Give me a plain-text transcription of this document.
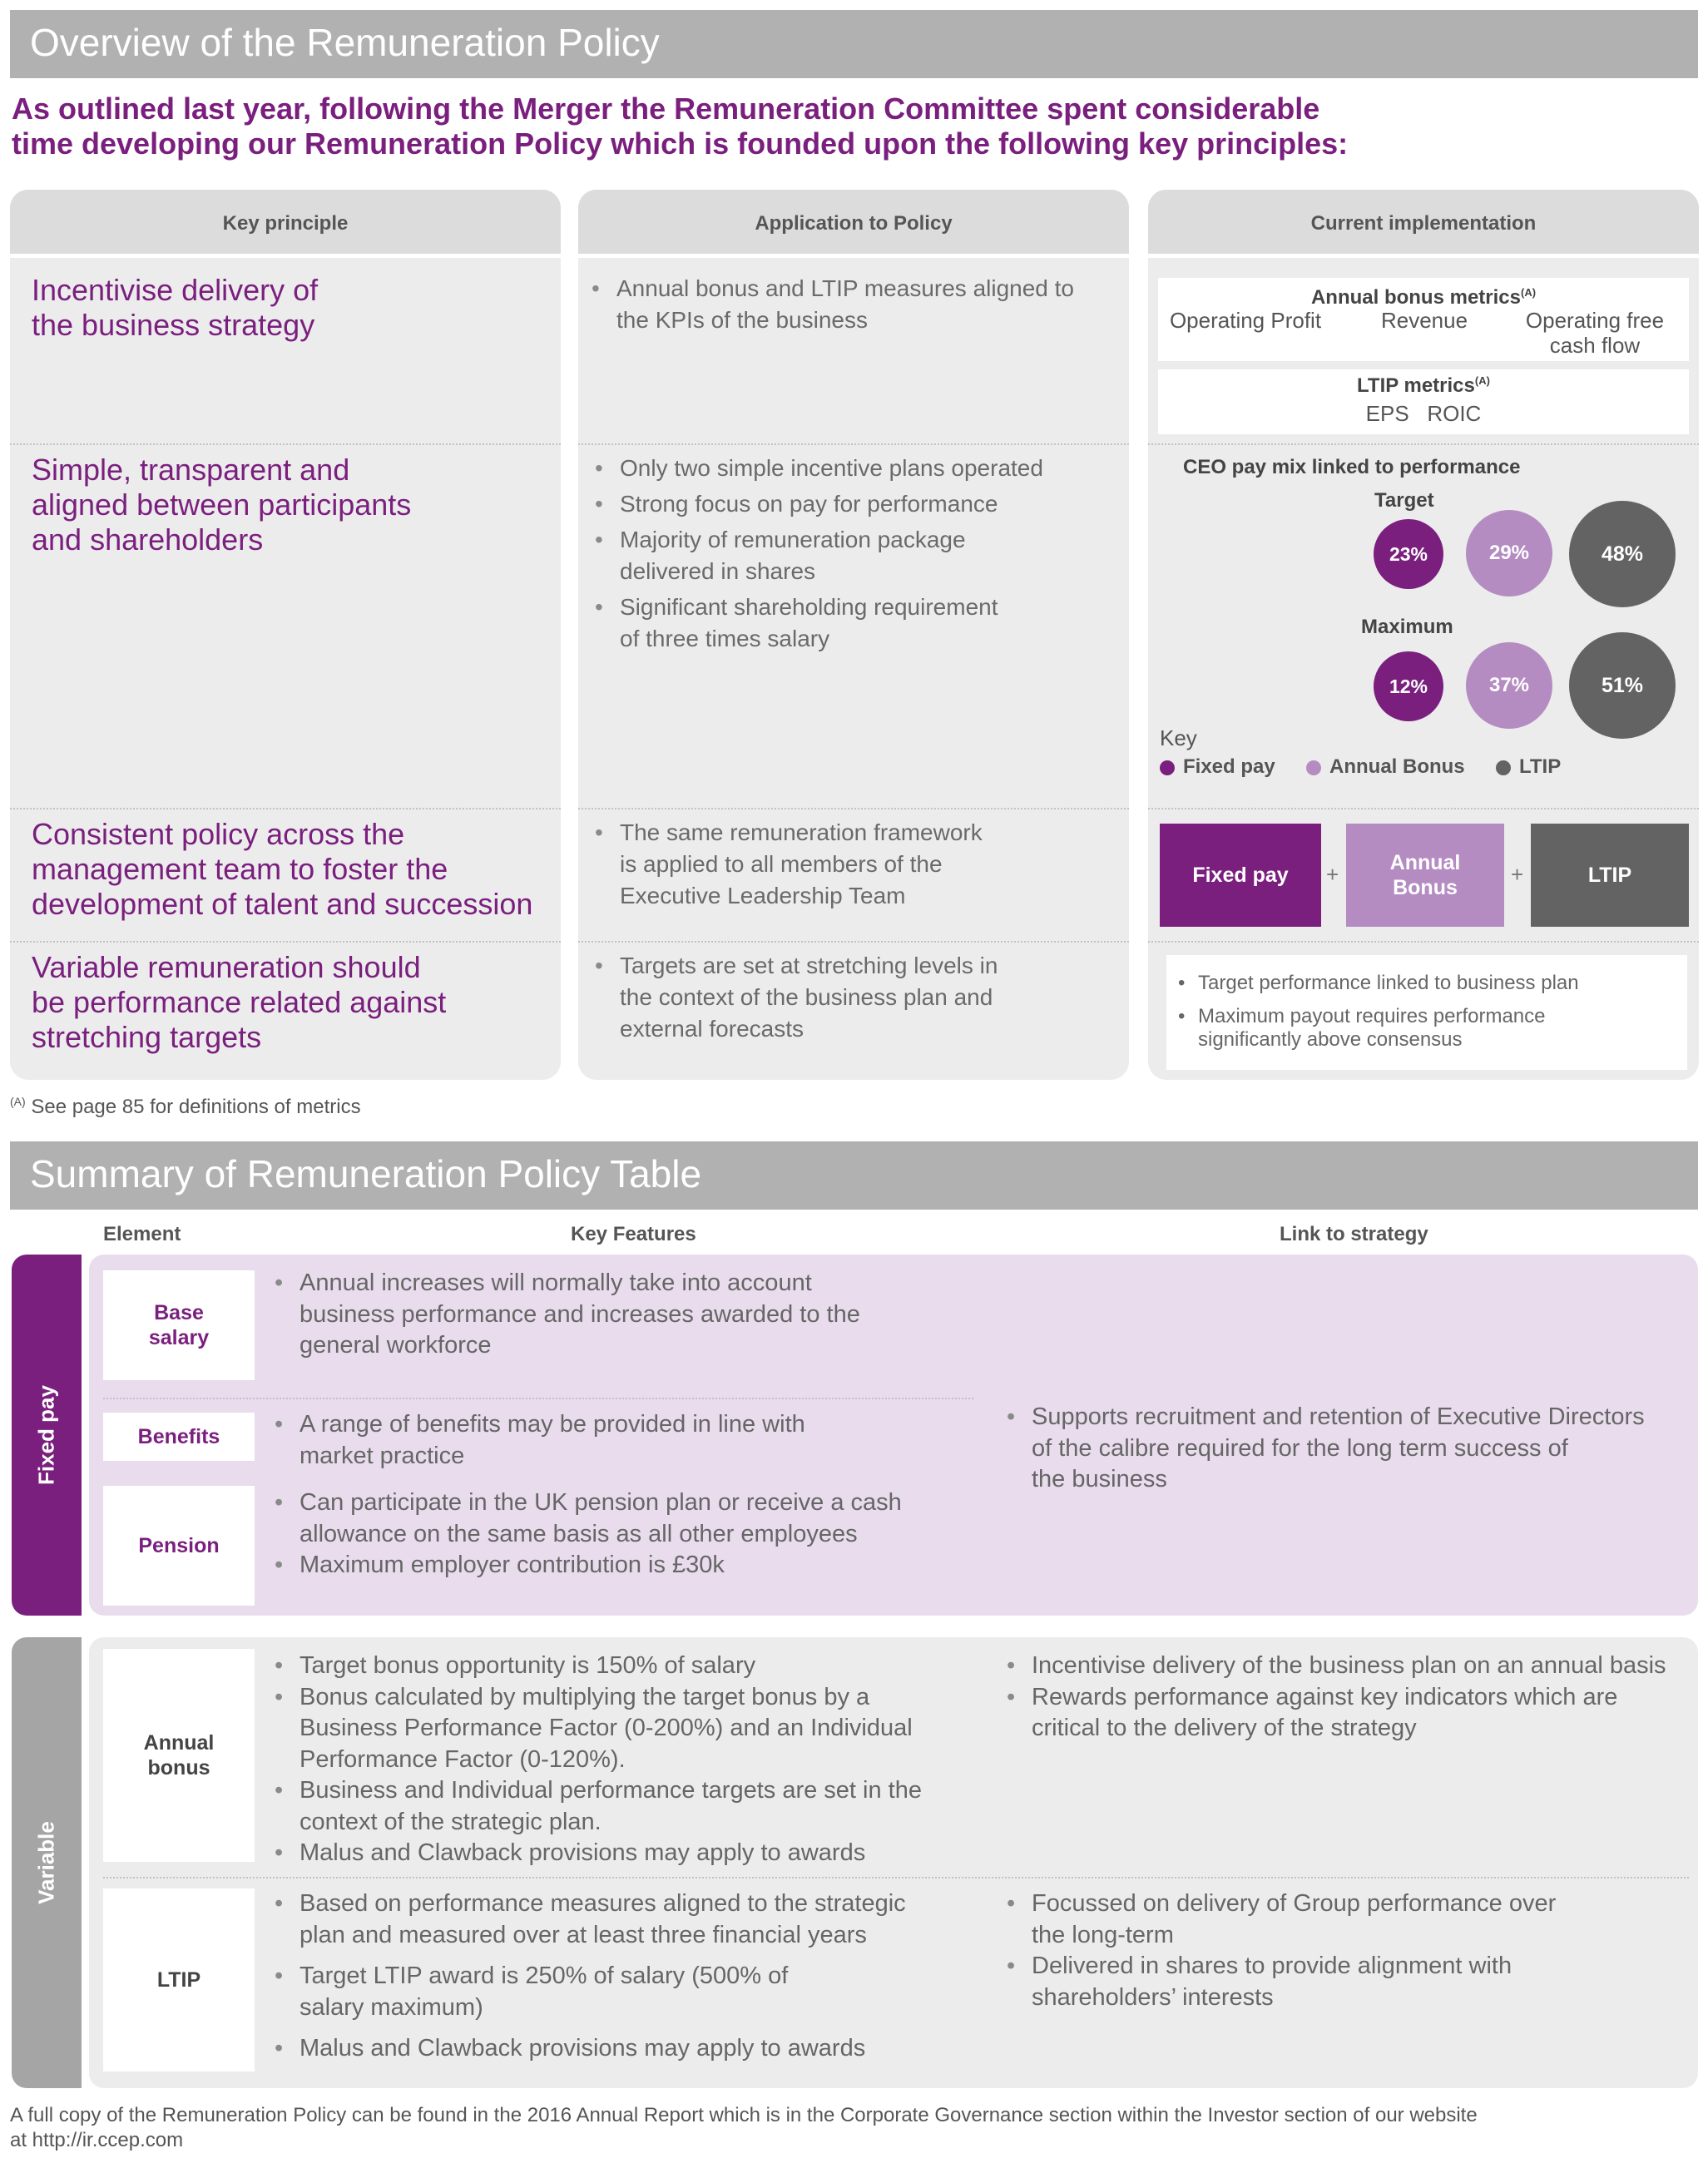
Overview of the Remuneration Policy
As outlined last year, following the Merger the Remuneration Committee spent considerable
time developing our Remuneration Policy which is founded upon the following key principles:
Key principle
Incentivise delivery of
the business strategy
Simple, transparent and
aligned between participants
and shareholders
Consistent policy across the
management team to foster the
development of talent and succession
Variable remuneration should
be performance related against
stretching targets
Application to Policy
• Annual bonus and LTIP measures aligned to
the KPIs of the business
• Only two simple incentive plans operated
• Strong focus on pay for performance
• Majority of remuneration package
delivered in shares
• Significant shareholding requirement
of three times salary
• The same remuneration framework
is applied to all members of the
Executive Leadership Team
• Targets are set at stretching levels in
the context of the business plan and
external forecasts
Current implementation
Annual bonus metrics$^{(A)}$
Operating Profit	Revenue	Operating free
cash flow
LTIP metrics$^{(A)}$
EPS   ROIC
CEO pay mix linked to performance
Target
23%	29%	48%
Maximum
12%	37%	51%
Key
Fixed pay	Annual Bonus	LTIP
Fixed pay	+ Annual
Bonus
+	LTIP
• Target performance linked to business plan
• Maximum payout requires performance
significantly above consensus
$^{(A)}$ See page 85 for definitions of metrics
Summary of Remuneration Policy Table
Element	Key Features	Link to strategy
Fixed pay
Base
salary
• Annual increases will normally take into account
business performance and increases awarded to the
general workforce
Benefits
•	A range of benefits may be provided in line with
market practice
Pension
• Can participate in the UK pension plan or receive a cash
allowance on the same basis as all other employees
• Maximum employer contribution is £30k
• Supports recruitment and retention of Executive Directors
of the calibre required for the long term success of
the business
Variable
Annual
bonus
• Target bonus opportunity is 150% of salary
• Bonus calculated by multiplying the target bonus by a
Business Performance Factor (0-200%) and an Individual
Performance Factor (0-120%).
• Business and Individual performance targets are set in the
context of the strategic plan.
• Malus and Clawback provisions may apply to awards
• Incentivise delivery of the business plan on an annual basis
• Rewards performance against key indicators which are
critical to the delivery of the strategy
LTIP
• Based on performance measures aligned to the strategic
plan and measured over at least three financial years
• Target LTIP award is 250% of salary (500% of
salary maximum)
• Malus and Clawback provisions may apply to awards
• Focussed on delivery of Group performance over
the long-term
• Delivered in shares to provide alignment with
shareholders’ interests
A full copy of the Remuneration Policy can be found in the 2016 Annual Report which is in the Corporate Governance section within the Investor section of our website
at http://ir.ccep.com
